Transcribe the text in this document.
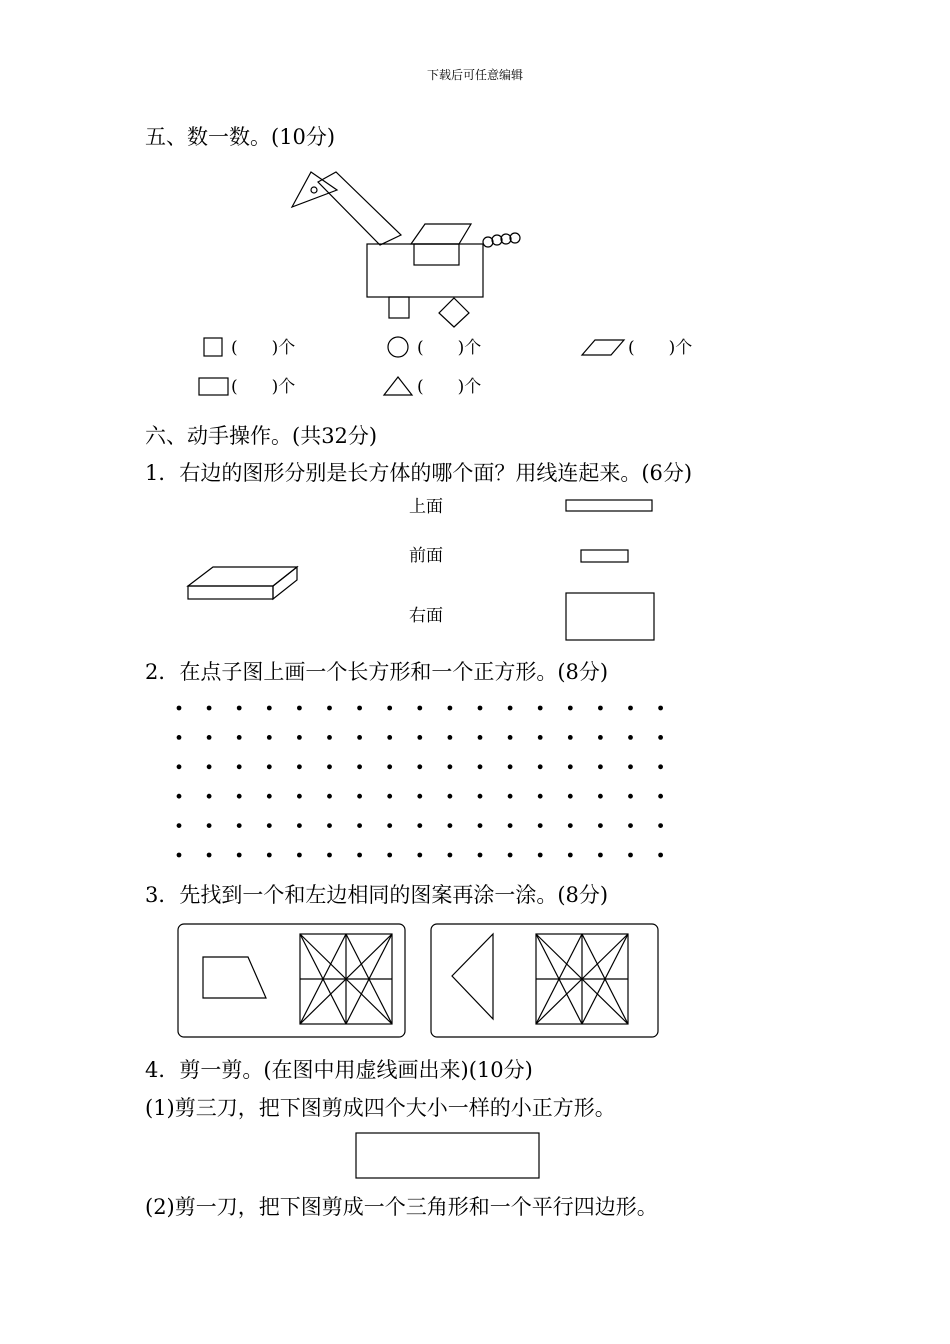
下载后可任意编辑
五、数一数。(10分)
(　　)个	(　　)个	(　　)个
(　　)个	(　　)个
六、动手操作。(共32分)
1．右边的图形分别是长方体的哪个面？用线连起来。(6分)
上面
前面
右面
2．在点子图上画一个长方形和一个正方形。(8分)
3．先找到一个和左边相同的图案再涂一涂。(8分)
4．剪一剪。(在图中用虚线画出来)(10分)
(1)剪三刀，把下图剪成四个大小一样的小正方形。
(2)剪一刀，把下图剪成一个三角形和一个平行四边形。
